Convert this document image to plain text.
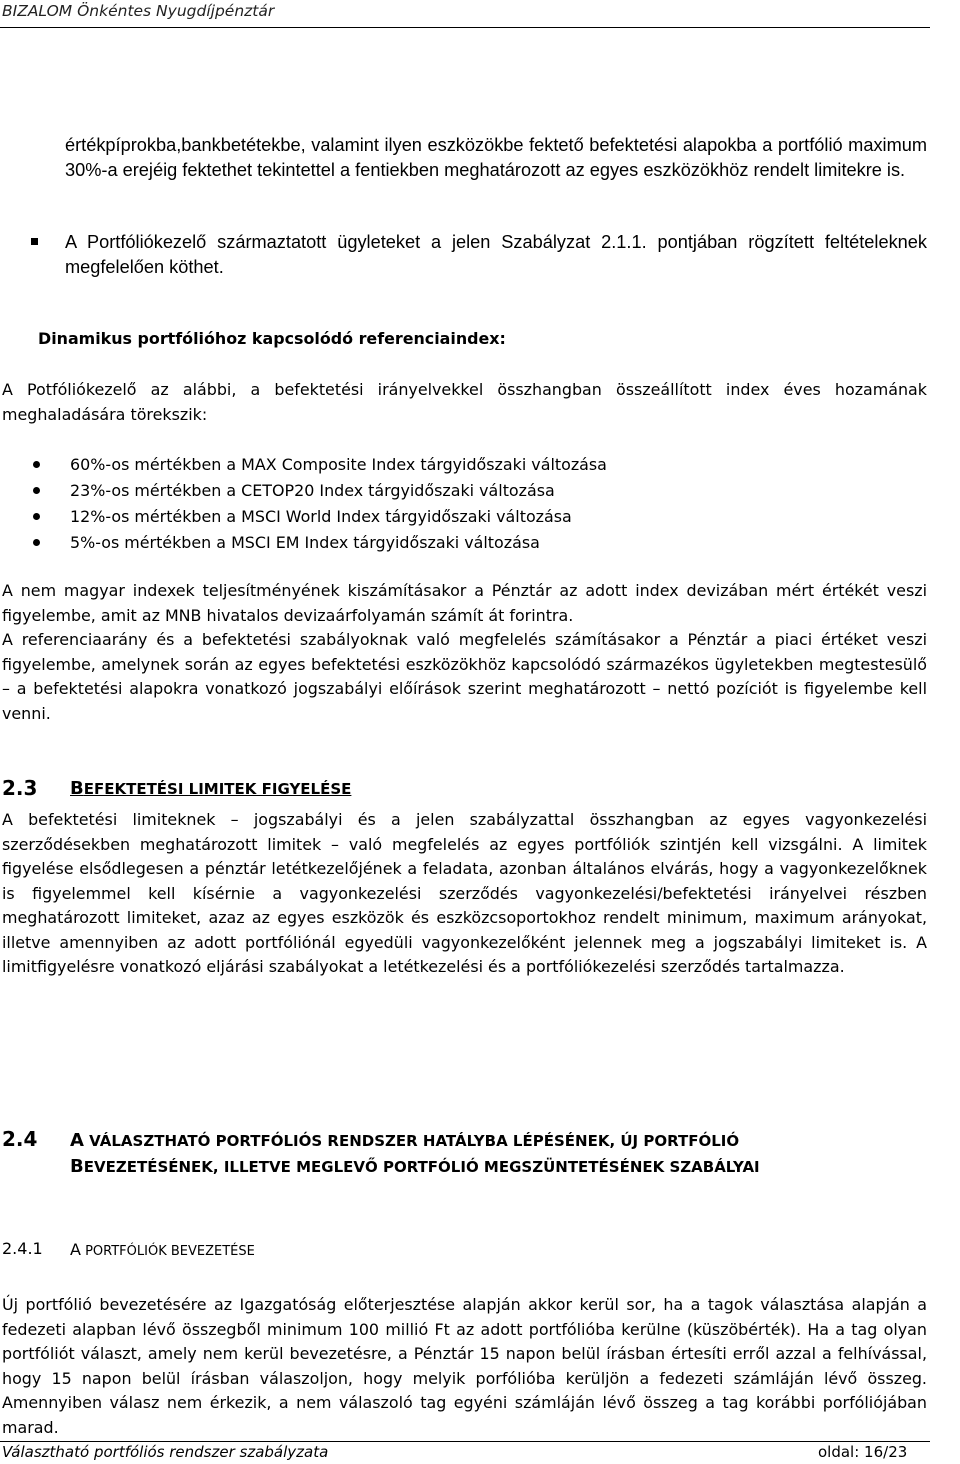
BIZALOM Önkéntes Nyugdíjpénztár
értékpíprokba,bankbetétekbe, valamint ilyen eszközökbe fektető befektetési alapokba a portfólió maximum 30%-a erejéig fektethet tekintettel a fentiekben meghatározott az egyes eszközökhöz rendelt limitekre is.
A Portfóliókezelő származtatott ügyleteket a jelen Szabályzat 2.1.1. pontjában rögzített feltételeknek megfelelően köthet.
Dinamikus portfólióhoz kapcsolódó referenciaindex:
A Potfóliókezelő az alábbi, a befektetési irányelvekkel összhangban összeállított index éves hozamának meghaladására törekszik:
60%-os mértékben a MAX Composite Index tárgyidőszaki változása
23%-os mértékben a CETOP20 Index tárgyidőszaki változása
12%-os mértékben a MSCI World Index tárgyidőszaki változása
5%-os mértékben a MSCI EM Index tárgyidőszaki változása
A nem magyar indexek teljesítményének kiszámításakor a Pénztár az adott index devizában mért értékét veszi figyelembe, amit az MNB hivatalos devizaárfolyamán számít át forintra.
A referenciaarány és a befektetési szabályoknak való megfelelés számításakor a Pénztár a piaci értéket veszi figyelembe, amelynek során az egyes befektetési eszközökhöz kapcsolódó származékos ügyletekben megtestesülő – a befektetési alapokra vonatkozó jogszabályi előírások szerint meghatározott – nettó pozíciót is figyelembe kell venni.
2.3 BEFEKTETÉSI LIMITEK FIGYELÉSE
A befektetési limiteknek – jogszabályi és a jelen szabályzattal összhangban az egyes vagyonkezelési szerződésekben meghatározott limitek – való megfelelés az egyes portfóliók szintjén kell vizsgálni. A limitek figyelése elsődlegesen a pénztár letétkezelőjének a feladata, azonban általános elvárás, hogy a vagyonkezelőknek is figyelemmel kell kísérnie a vagyonkezelési szerződés vagyonkezelési/befektetési irányelvei részben meghatározott limiteket, azaz az egyes eszközök és eszközcsoportokhoz rendelt minimum, maximum arányokat, illetve amennyiben az adott portfóliónál egyedüli vagyonkezelőként jelennek meg a jogszabályi limiteket is. A limitfigyelésre vonatkozó eljárási szabályokat a letétkezelési és a portfóliókezelési szerződés tartalmazza.
2.4 A VÁLASZTHATÓ PORTFÓLIÓS RENDSZER HATÁLYBA LÉPÉSÉNEK, ÚJ PORTFÓLIÓ
BEVEZETÉSÉNEK, ILLETVE MEGLEVŐ PORTFÓLIÓ MEGSZÜNTETÉSÉNEK SZABÁLYAI
2.4.1 A PORTFÓLIÓK BEVEZETÉSE
Új portfólió bevezetésére az Igazgatóság előterjesztése alapján akkor kerül sor, ha a tagok választása alapján a fedezeti alapban lévő összegből minimum 100 millió Ft az adott portfólióba kerülne (küszöbérték). Ha a tag olyan portfóliót választ, amely nem kerül bevezetésre, a Pénztár 15 napon belül írásban értesíti erről azzal a felhívással, hogy 15 napon belül írásban válaszoljon, hogy melyik porfólióba kerüljön a fedezeti számláján lévő összeg. Amennyiben válasz nem érkezik, a nem válaszoló tag egyéni számláján lévő összeg a tag korábbi porfóliójában marad.
Választható portfóliós rendszer szabályzata	oldal: 16/23
